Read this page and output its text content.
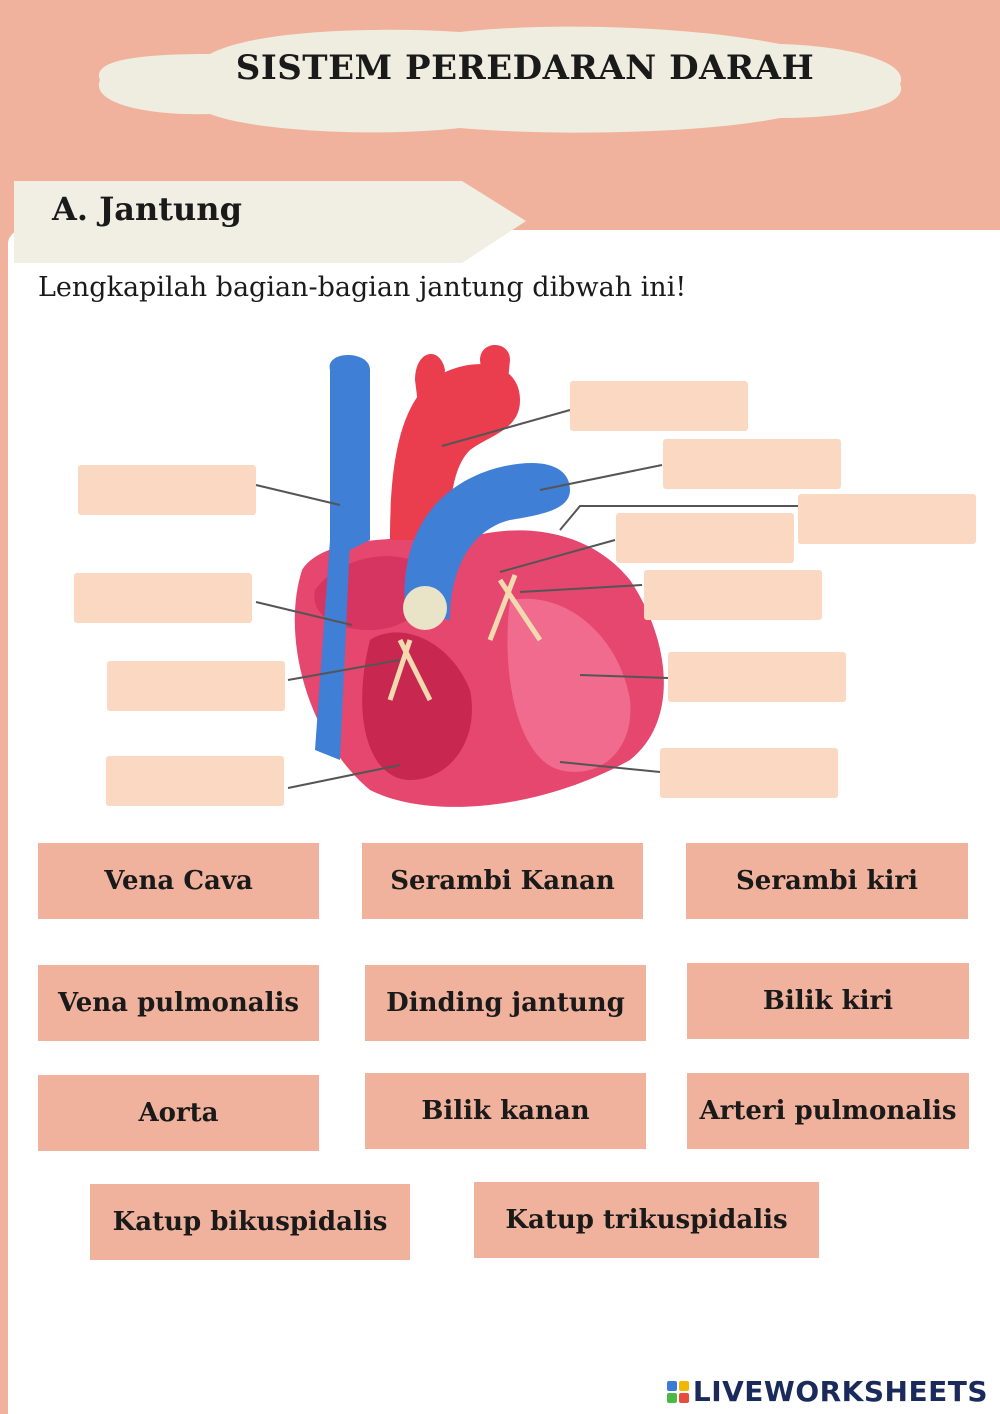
SISTEM PEREDARAN DARAH
A. Jantung
Lengkapilah bagian-bagian jantung dibwah ini!
Vena Cava	Serambi Kanan	Serambi kiri
Vena pulmonalis	Dinding jantung	Bilik kiri
Aorta	Bilik kanan	Arteri pulmonalis
Katup bikuspidalis	Katup trikuspidalis
LIVEWORKSHEETS
